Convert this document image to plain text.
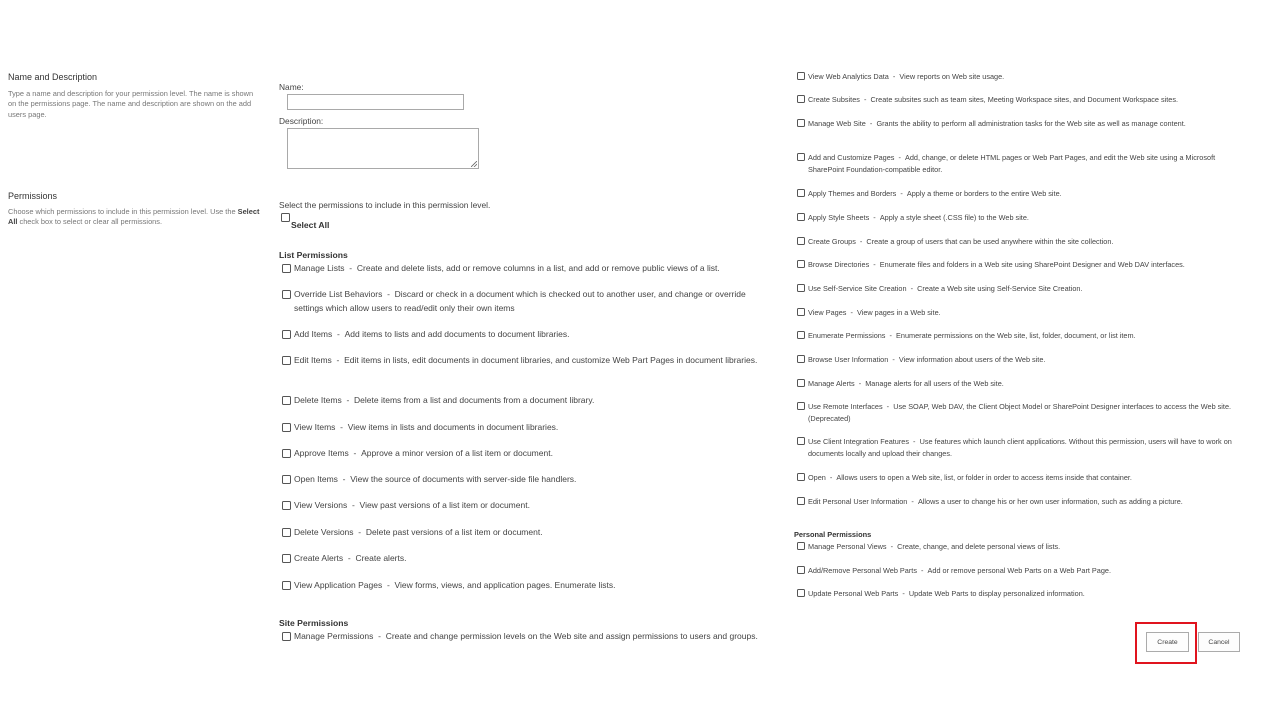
Name and Description
Type a name and description for your permission level. The name is shown on the permissions page. The name and description are shown on the add users page.
Permissions
Choose which permissions to include in this permission level. Use the Select All check box to select or clear all permissions.
Name:
Description:
Select the permissions to include in this permission level.
Select All
List Permissions
Manage Lists  -  Create and delete lists, add or remove columns in a list, and add or remove public views of a list.
Override List Behaviors  -  Discard or check in a document which is checked out to another user, and change or override settings which allow users to read/edit only their own items
Add Items  -  Add items to lists and add documents to document libraries.
Edit Items  -  Edit items in lists, edit documents in document libraries, and customize Web Part Pages in document libraries.
Delete Items  -  Delete items from a list and documents from a document library.
View Items  -  View items in lists and documents in document libraries.
Approve Items  -  Approve a minor version of a list item or document.
Open Items  -  View the source of documents with server-side file handlers.
View Versions  -  View past versions of a list item or document.
Delete Versions  -  Delete past versions of a list item or document.
Create Alerts  -  Create alerts.
View Application Pages  -  View forms, views, and application pages. Enumerate lists.
Site Permissions
Manage Permissions  -  Create and change permission levels on the Web site and assign permissions to users and groups.
View Web Analytics Data  -  View reports on Web site usage.
Create Subsites  -  Create subsites such as team sites, Meeting Workspace sites, and Document Workspace sites.
Manage Web Site  -  Grants the ability to perform all administration tasks for the Web site as well as manage content.
Add and Customize Pages  -  Add, change, or delete HTML pages or Web Part Pages, and edit the Web site using a Microsoft SharePoint Foundation-compatible editor.
Apply Themes and Borders  -  Apply a theme or borders to the entire Web site.
Apply Style Sheets  -  Apply a style sheet (.CSS file) to the Web site.
Create Groups  -  Create a group of users that can be used anywhere within the site collection.
Browse Directories  -  Enumerate files and folders in a Web site using SharePoint Designer and Web DAV interfaces.
Use Self-Service Site Creation  -  Create a Web site using Self-Service Site Creation.
View Pages  -  View pages in a Web site.
Enumerate Permissions  -  Enumerate permissions on the Web site, list, folder, document, or list item.
Browse User Information  -  View information about users of the Web site.
Manage Alerts  -  Manage alerts for all users of the Web site.
Use Remote Interfaces  -  Use SOAP, Web DAV, the Client Object Model or SharePoint Designer interfaces to access the Web site. (Deprecated)
Use Client Integration Features  -  Use features which launch client applications. Without this permission, users will have to work on documents locally and upload their changes.
Open  -  Allows users to open a Web site, list, or folder in order to access items inside that container.
Edit Personal User Information  -  Allows a user to change his or her own user information, such as adding a picture.
Personal Permissions
Manage Personal Views  -  Create, change, and delete personal views of lists.
Add/Remove Personal Web Parts  -  Add or remove personal Web Parts on a Web Part Page.
Update Personal Web Parts  -  Update Web Parts to display personalized information.
Create	Cancel
